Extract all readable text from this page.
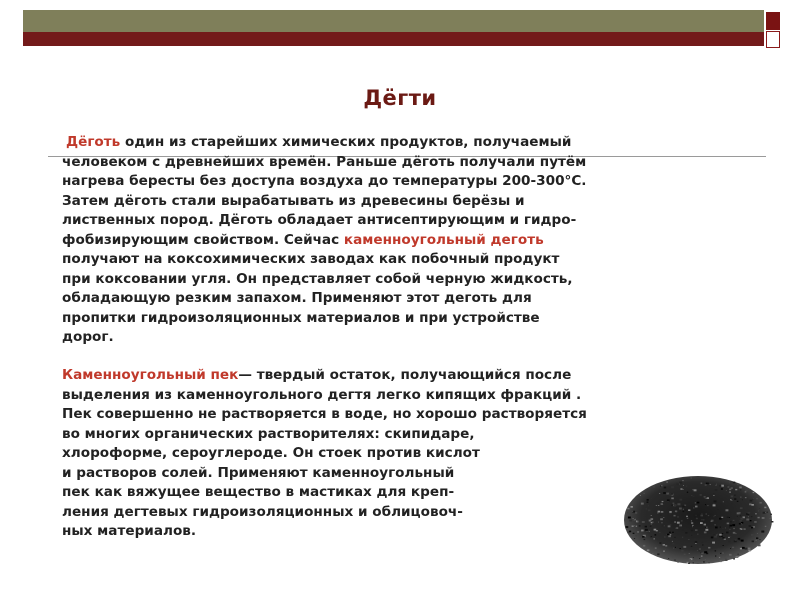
Дёгти

Дёготь один из старейших химических продуктов, получаемый
человеком с древнейших времён. Раньше дёготь получали путём
нагрева бересты без доступа воздуха до температуры 200-300°С.
Затем дёготь стали вырабатывать из древесины берёзы и
лиственных пород. Дёготь обладает антисептирующим и гидро-
фобизирующим свойством. Сейчас каменноугольный деготь
получают на коксохимических заводах как побочный продукт
при коксовании угля. Он представляет собой черную жидкость,
обладающую резким запахом. Применяют этот деготь для
пропитки гидроизоляционных материалов и при устройстве
дорог.

Каменноугольный пек— твердый остаток, получающийся после
выделения из каменноугольного дегтя легко кипящих фракций .
Пек совершенно не растворяется в воде, но хорошо растворяется
во многих органических растворителях: скипидаре,
хлороформе, сероуглероде. Он стоек против кислот
и растворов солей. Применяют каменноугольный
пек как вяжущее вещество в мастиках для креп-
ления дегтевых гидроизоляционных и облицовоч-
ных материалов.
